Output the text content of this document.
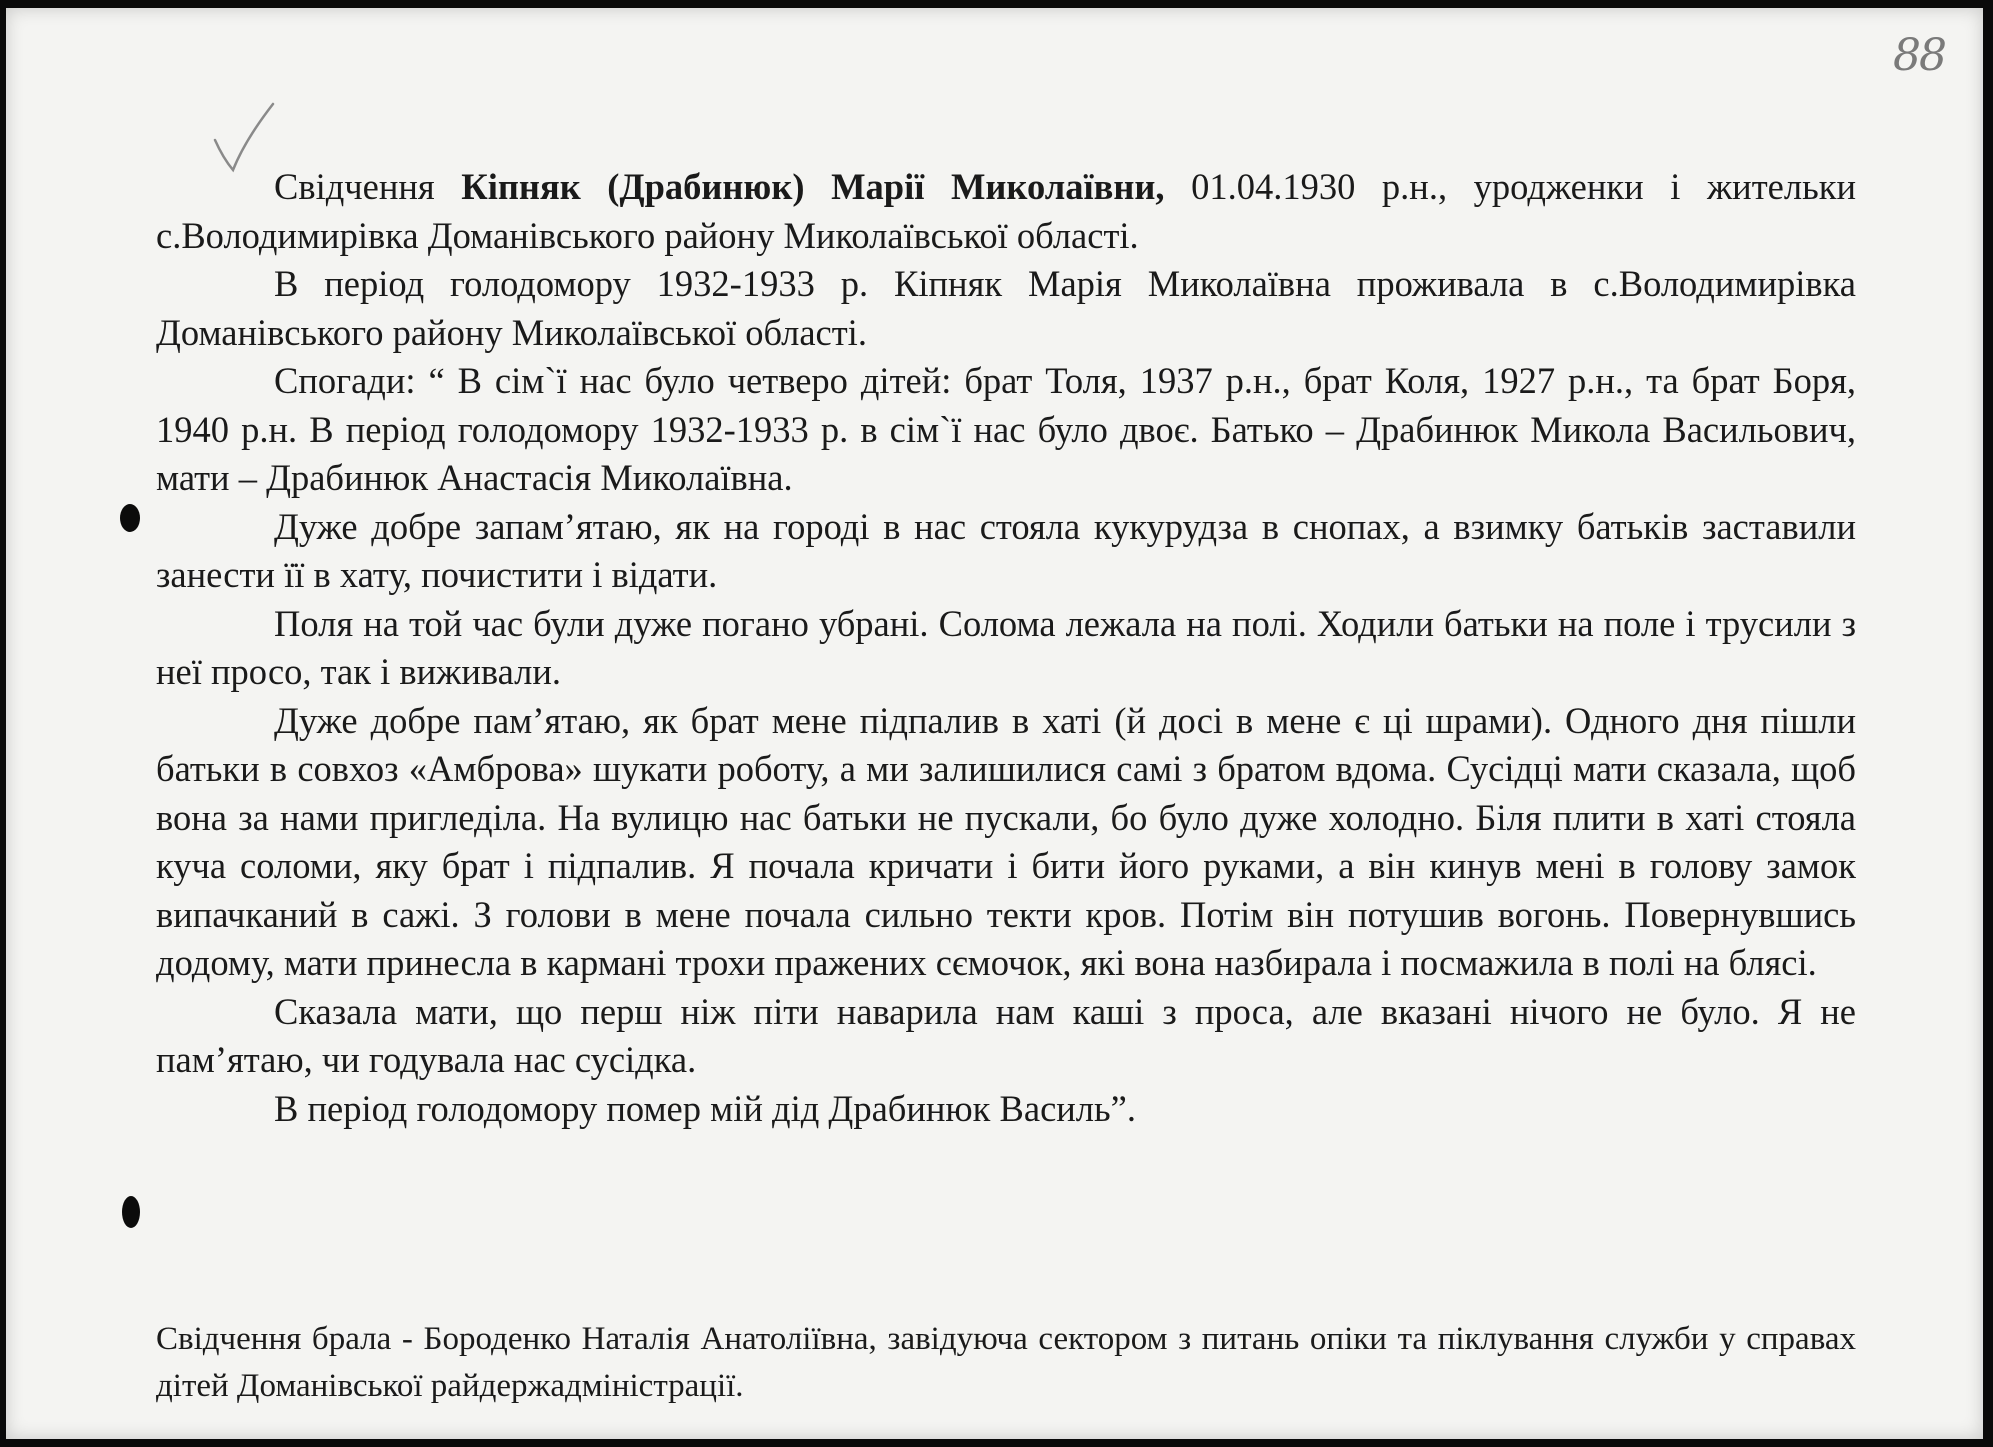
88

Свідчення Кіпняк (Драбинюк) Марії Миколаївни, 01.04.1930 р.н., уродженки і жительки с.Володимирівка Доманівського району Миколаївської області.

В період голодомору 1932-1933 р. Кіпняк Марія Миколаївна проживала в с.Володимирівка Доманівського району Миколаївської області.

Спогади: “ В сім`ї нас було четверо дітей: брат Толя, 1937 р.н., брат Коля, 1927 р.н., та брат Боря, 1940 р.н. В період голодомору 1932-1933 р. в сім`ї нас було двоє. Батько – Драбинюк Микола Васильович, мати – Драбинюк Анастасія Миколаївна.

Дуже добре запам’ятаю, як на городі в нас стояла кукурудза в снопах, а взимку батьків заставили занести її в хату, почистити і відати.

Поля на той час були дуже погано убрані. Солома лежала на полі. Ходили батьки на поле і трусили з неї просо, так і виживали.

Дуже добре пам’ятаю, як брат мене підпалив в хаті (й досі в мене є ці шрами). Одного дня пішли батьки в совхоз «Амброва» шукати роботу, а ми залишилися самі з братом вдома. Сусідці мати сказала, щоб вона за нами пригледіла. На вулицю нас батьки не пускали, бо було дуже холодно. Біля плити в хаті стояла куча соломи, яку брат і підпалив. Я почала кричати і бити його руками, а він кинув мені в голову замок випачканий в сажі. З голови в мене почала сильно текти кров. Потім він потушив вогонь. Повернувшись додому, мати принесла в кармані трохи пражених сємочок, які вона назбирала і посмажила в полі на блясі.

Сказала мати, що перш ніж піти наварила нам каші з проса, але вказані нічого не було. Я не пам’ятаю, чи годувала нас сусідка.

В період голодомору помер мій дід Драбинюк Василь”.

Свідчення брала - Бороденко Наталія Анатоліївна, завідуюча сектором з питань опіки та піклування служби у справах дітей Доманівської райдержадміністрації.
